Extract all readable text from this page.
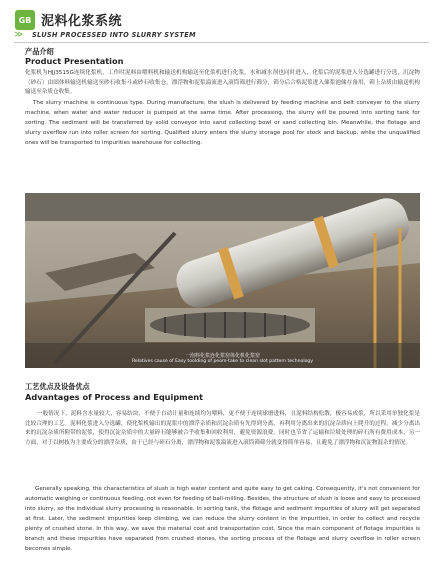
GB 泥料化浆系统
≫ SLUSH PROCESSED INTO SLURRY SYSTEM
产品介绍
Product Presentation
化浆机为HJJ3515G连续化浆机，工作时泥料由喂料机和输送机构输送至化浆机进行化浆，水和减水剂也同时进入，化浆后的泥浆进入分选罐进行分选，沉淀物（砂石）由固体料输送机输送至砂石收集斗或砂石收集仓，漂浮物和泥浆溢流进入滚筒筛进行筛分，筛分后合格泥浆进入储浆池储存备用，筛上杂质由输送机构输送至杂质仓收集。
The slurry machine is continuous type. During manufacture, the slush is delivered by feeding machine and belt conveyer to the slurry machine, when water and water reducer is pumped at the same time. After processing, the slurry will be poured into sorting tank for sorting. The sediment will be transferred by solid conveyor into sand collecting bowl or sand collecting bin. Meanwhile, the flotage and slurry overflow run into roller screen for sorting. Qualified slurry enters the slurry storage pool for stock and backup, while the unqualified ones will be transported to impurities warehouse for collecting.
一泡料化浆连化浆窑体化机化浆窑
Relatives cause of Easy toolding of peom-take to clean slot pattern technology
工艺优点及设备优点
Advantages of Process and Equipment
一般情况下，泥料含水量较大，容易结块，不便于自动计量和连续均匀喂料，更不便于连续球磨进料，且泥料结构松散，极容易成浆，所以采用单独化浆是比较合理的工艺。泥料化浆进入分选罐，使化浆机输出的泥浆中的漂浮杂质和沉淀杂质有先得到分离，再利用分离出来的沉淀杂质向上爬升的过程，减少分离出来的沉淀杂质所附带的泥浆，使得沉淀杂质中的大量碎石能够被合乎收集和回收利用，避免资源浪费，同时也节省了运输和垃圾处理的碎石所有费用成本。另一方面，对于以树枝为主要成分的漂浮杂质，由于已经与碎石分离，漂浮物和泥浆溢流进入滚筒筛筛分就变得简单容易，且避免了漂浮物和沉淀物混杂的情况。
Generally speaking, the characteristics of slush is high water content and quite easy to get caking. Consequently, it's not convenient for automatic weighing or continuous feeding, not even for feeding of ball-milling. Besides, the structure of slush is loose and easy to processed into slurry, so the individual slurry processing is reasonable. In sorting tank, the flotage and sediment impurities of slurry will get separated at first. Later, the sediment impurities keep climbing, we can reduce the slurry content in the impurities, in order to collect and recycle plenty of crushed stone. In this way, we save the material cost and transportation cost. Since the main component of flotage impurities is branch and these impurities have separated from crushed stones, the sorting process of the flotage and slurry overflow in roller screen becomes simple.
